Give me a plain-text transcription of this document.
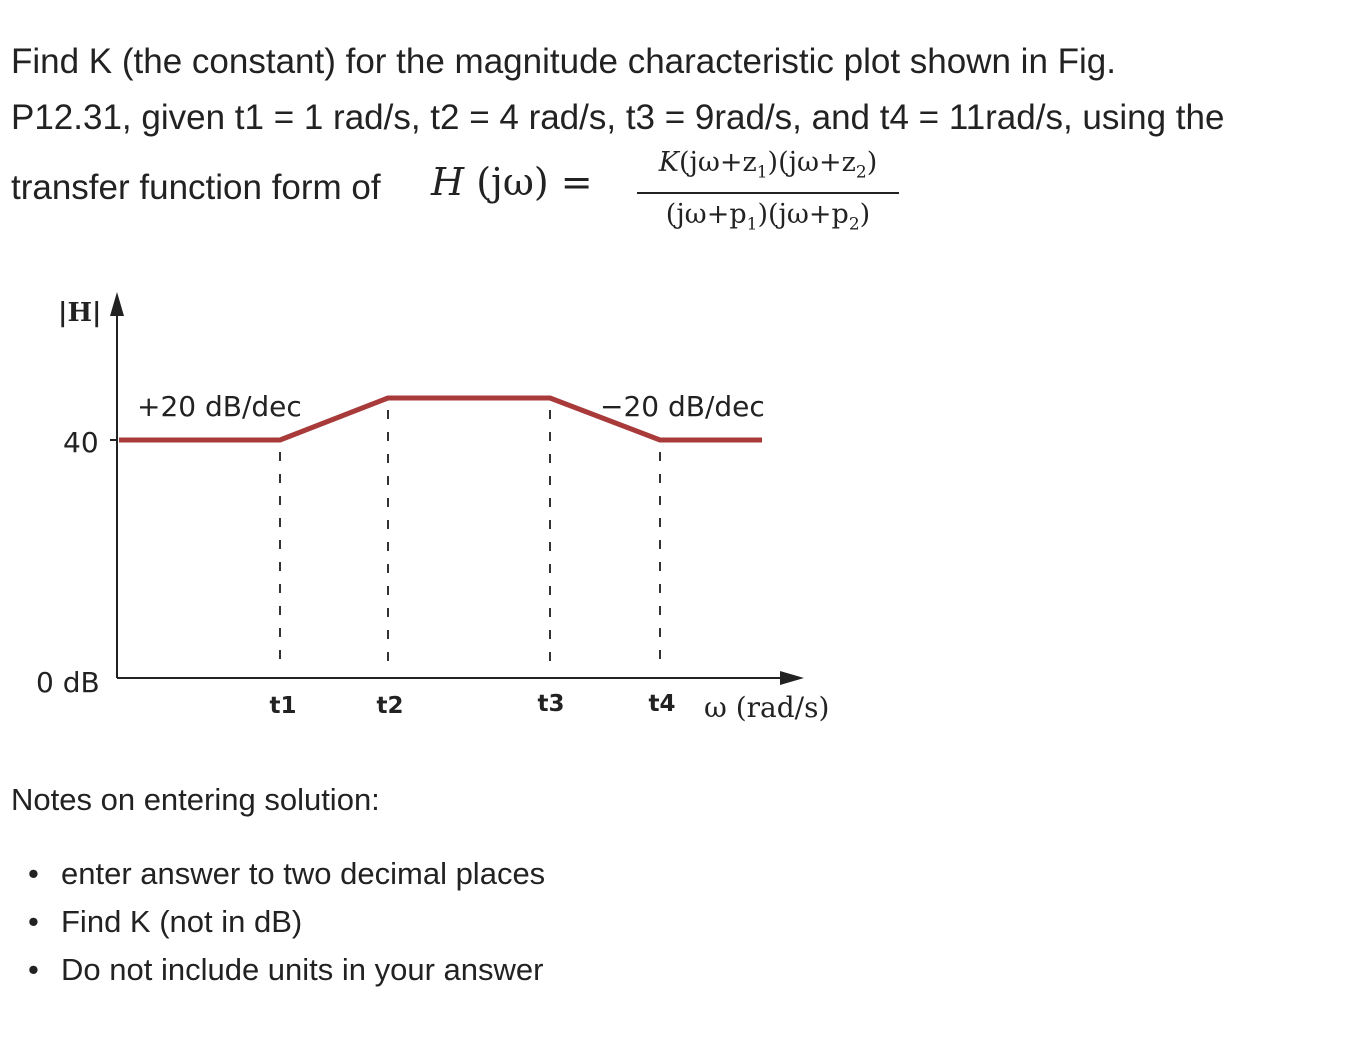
Find K (the constant) for the magnitude characteristic plot shown in Fig.
P12.31, given t1 = 1 rad/s, t2 = 4 rad/s, t3 = 9rad/s, and t4 = 11rad/s, using the
transfer function form of H (jω) =	$K(j\omega+z_1)(j\omega+z_2)$
$(j\omega+p_1)(j\omega+p_2)$
|H|
40
0 dB
+20 dB/dec	−20 dB/dec
t1	t2	t3	t4 ω (rad/s)
Notes on entering solution:
• enter answer to two decimal places
• Find K (not in dB)
• Do not include units in your answer
